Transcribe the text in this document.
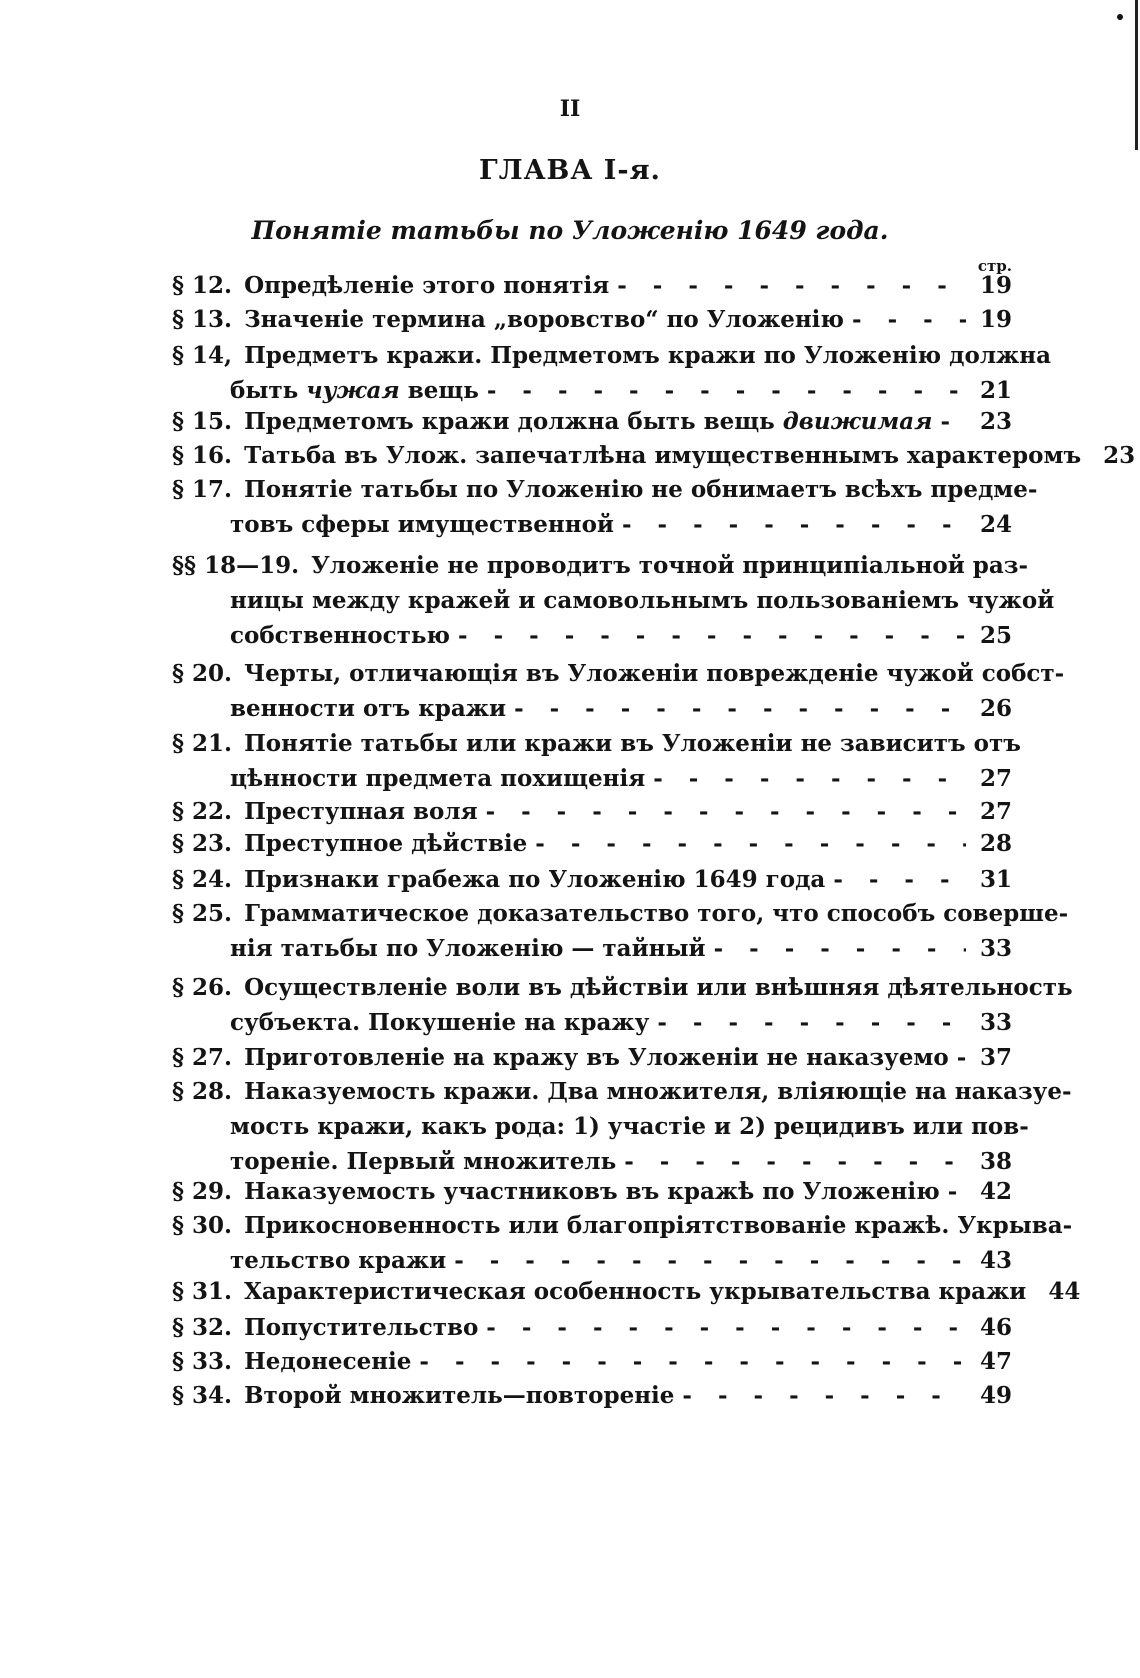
II
ГЛАВА I-я.
Понятіе татьбы по Уложенію 1649 года.
стр.
§ 12. Опредѣленіе этого понятія - - -	19
§ 13. Значеніе термина „воровство“ по Уложенію - - -	19
§ 14, Предметъ кражи. Предметомъ кражи по Уложенію должна
быть чужая вещь - - -	21
§ 15. Предметомъ кражи должна быть вещь движимая - - - 23
§ 16. Татьба въ Улож. запечатлѣна имущественнымъ характеромъ 23
§ 17. Понятіе татьбы по Уложенію не обнимаетъ всѣхъ предме-
товъ сферы имущественной - - -	24
§§ 18—19. Уложеніе не проводитъ точной принципіальной раз-
ницы между кражей и самовольнымъ пользованіемъ чужой
собственностью - - -	25
§ 20. Черты, отличающія въ Уложеніи поврежденіе чужой собст-
венности отъ кражи - - -	26
§ 21. Понятіе татьбы или кражи въ Уложеніи не зависитъ отъ
цѣнности предмета похищенія - - -	27
§ 22. Преступная воля - - -	27
§ 23. Преступное дѣйствіе - - -	28
§ 24. Признаки грабежа по Уложенію 1649 года - - -	31
§ 25. Грамматическое доказательство того, что способъ соверше-
нія татьбы по Уложенію — тайный - - -	33
§ 26. Осуществленіе воли въ дѣйствіи или внѣшняя дѣятельность
субъекта. Покушеніе на кражу - - -	33
§ 27. Приготовленіе на кражу въ Уложеніи не наказуемо - - - 37
§ 28. Наказуемость кражи. Два множителя, вліяющіе на наказуе-
мость кражи, какъ рода: 1) участіе и 2) рецидивъ или пов-
тореніе. Первый множитель - - -	38
§ 29. Наказуемость участниковъ въ кражѣ по Уложенію - - - 42
§ 30. Прикосновенность или благопріятствованіе кражѣ. Укрыва-
тельство кражи - - -	43
§ 31. Характеристическая особенность укрывательства кражи 44
§ 32. Попустительство - - -	46
§ 33. Недонесеніе - - -	47
§ 34. Второй множитель—повтореніе - - -	49
